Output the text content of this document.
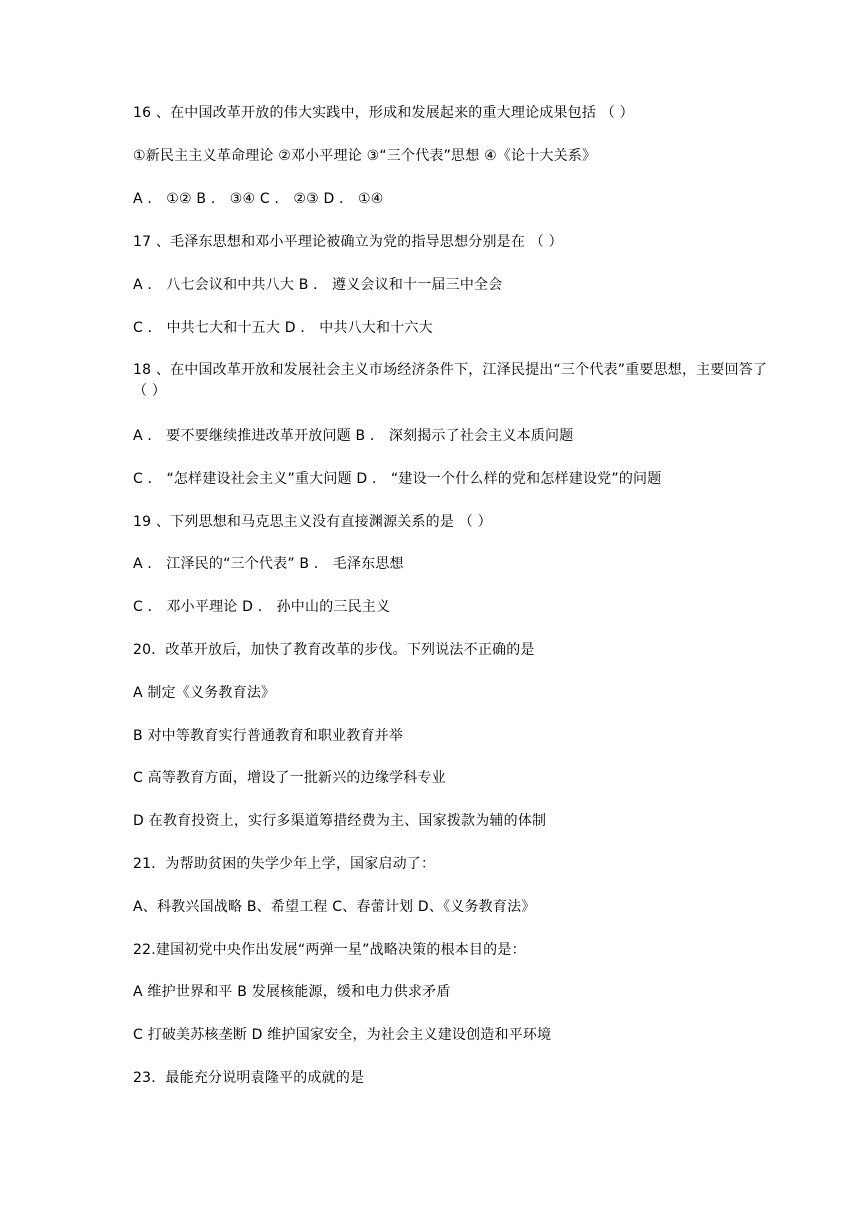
16 、在中国改革开放的伟大实践中，形成和发展起来的重大理论成果包括 （ ）
①新民主主义革命理论 ②邓小平理论 ③“三个代表”思想 ④《论十大关系》
A ． ①② B ． ③④ C ． ②③ D ． ①④
17 、毛泽东思想和邓小平理论被确立为党的指导思想分别是在 （ ）
A ． 八七会议和中共八大 B ． 遵义会议和十一届三中全会
C ． 中共七大和十五大 D ． 中共八大和十六大
18 、在中国改革开放和发展社会主义市场经济条件下，江泽民提出“三个代表”重要思想，主要回答了 （ ）
A ． 要不要继续推进改革开放问题 B ． 深刻揭示了社会主义本质问题
C ． “怎样建设社会主义”重大问题 D ． “建设一个什么样的党和怎样建设党”的问题
19 、下列思想和马克思主义没有直接渊源关系的是 （ ）
A ． 江泽民的“三个代表” B ． 毛泽东思想
C ． 邓小平理论 D ． 孙中山的三民主义
20．改革开放后，加快了教育改革的步伐。下列说法不正确的是
A 制定《义务教育法》
B 对中等教育实行普通教育和职业教育并举
C 高等教育方面，增设了一批新兴的边缘学科专业
D 在教育投资上，实行多渠道筹措经费为主、国家拨款为辅的体制
21．为帮助贫困的失学少年上学，国家启动了：
A、科教兴国战略 B、希望工程 C、春蕾计划 D、《义务教育法》
22.建国初党中央作出发展“两弹一星”战略决策的根本目的是：
A 维护世界和平 B 发展核能源，缓和电力供求矛盾
C 打破美苏核垄断 D 维护国家安全，为社会主义建设创造和平环境
23．最能充分说明袁隆平的成就的是
